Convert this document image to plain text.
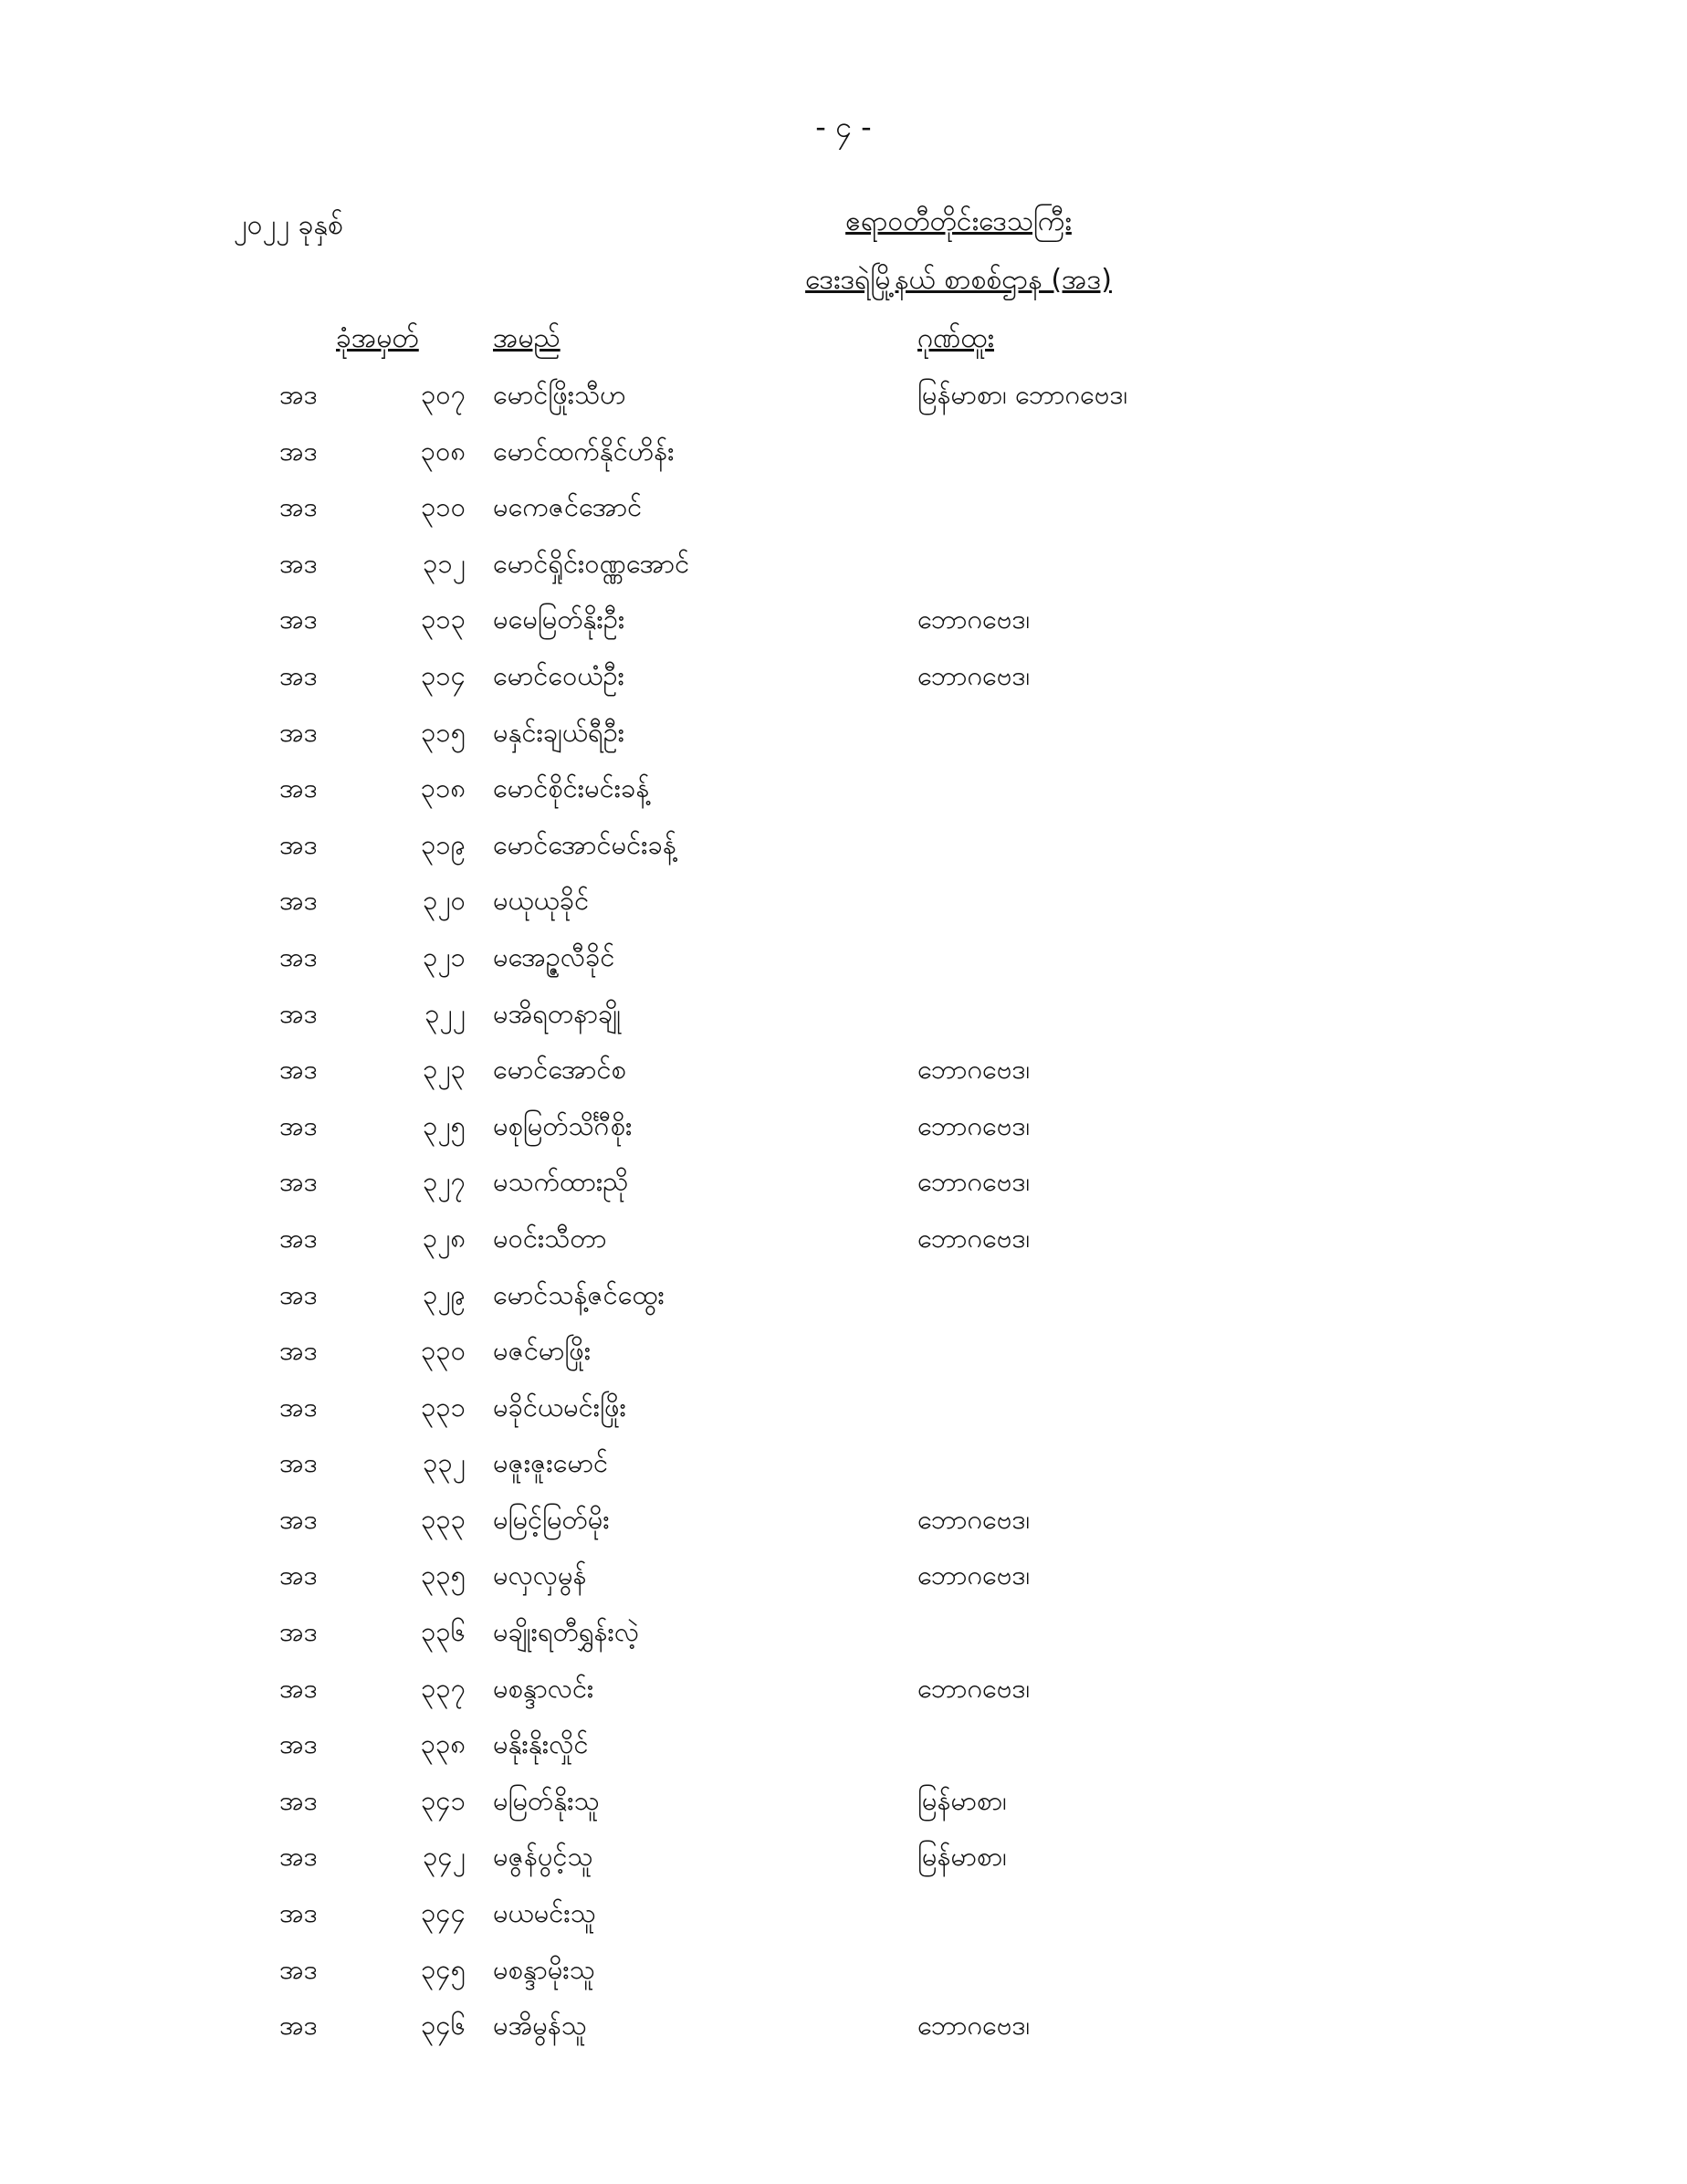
- ၄ -
၂၀၂၂ ခုနှစ်	ဧရာဝတီတိုင်းဒေသကြီး
ဒေးဒရဲမြို့နယ် စာစစ်ဌာန (အဒ)
ခုံအမှတ်	အမည်	ဂုဏ်ထူး
အဒ	၃၀၇ မောင်ဖြိုးသီဟ	မြန်မာစာ၊ ဘောဂဗေဒ၊
အဒ	၃၀၈ မောင်ထက်နိုင်ဟိန်း
အဒ	၃၁၀ မကေဇင်အောင်
အဒ	၃၁၂ မောင်ရှိုင်းဝဏ္ဏအောင်
အဒ	၃၁၃ မမေမြတ်နိုးဦး	ဘောဂဗေဒ၊
အဒ	၃၁၄ မောင်ဝေယံဦး	ဘောဂဗေဒ၊
အဒ	၃၁၅ မနှင်းချယ်ရီဦး
အဒ	၃၁၈ မောင်စိုင်းမင်းခန့်
အဒ	၃၁၉ မောင်အောင်မင်းခန့်
အဒ	၃၂၀ မယုယုခိုင်
အဒ	၃၂၁ မအေဥ္ဇလီခိုင်
အဒ	၃၂၂ မအိရတနာချို
အဒ	၃၂၃ မောင်အောင်စ	ဘောဂဗေဒ၊
အဒ	၃၂၅ မစုမြတ်သိင်္ဂီစိုး	ဘောဂဗေဒ၊
အဒ	၃၂၇ မသက်ထားညို	ဘောဂဗေဒ၊
အဒ	၃၂၈ မဝင်းသီတာ	ဘောဂဗေဒ၊
အဒ	၃၂၉ မောင်သန့်ဇင်ထွေး
အဒ	၃၃၀ မဇင်မာဖြိုး
အဒ	၃၃၁ မခိုင်ယမင်းဖြိုး
အဒ	၃၃၂ မဇူးဇူးမောင်
အဒ	၃၃၃ မမြင့်မြတ်မိုး	ဘောဂဗေဒ၊
အဒ	၃၃၅ မလှလှမွန်	ဘောဂဗေဒ၊
အဒ	၃၃၆ မချိုးရတီရွှန်းလဲ့
အဒ	၃၃၇ မစန္ဒာလင်း	ဘောဂဗေဒ၊
အဒ	၃၃၈ မနိုးနိုးလှိုင်
အဒ	၃၄၁ မမြတ်နိုးသူ	မြန်မာစာ၊
အဒ	၃၄၂ မဇွန်ပွင့်သူ	မြန်မာစာ၊
အဒ	၃၄၄ မယမင်းသူ
အဒ	၃၄၅ မစန္ဒာမိုးသူ
အဒ	၃၄၆ မအိမွန်သူ	ဘောဂဗေဒ၊
